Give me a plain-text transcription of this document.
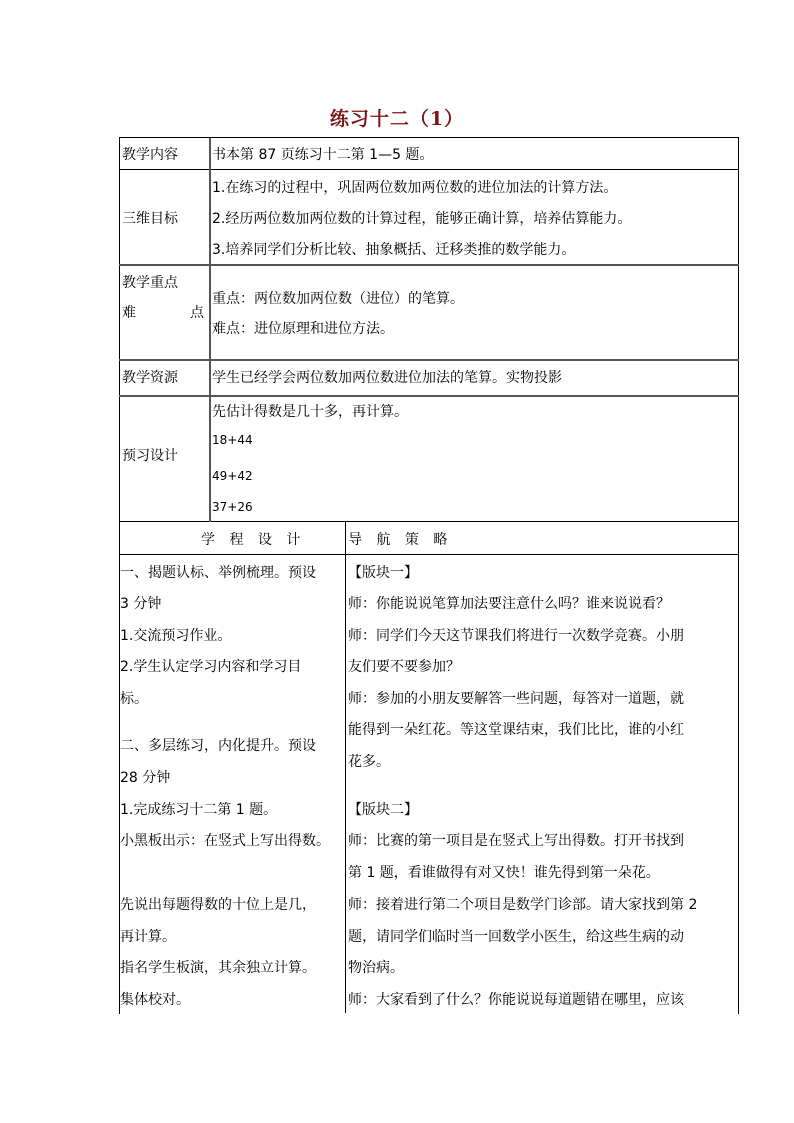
练习十二（1）
教学内容 书本第 87 页练习十二第 1—5 题。
三维目标
1.在练习的过程中，巩固两位数加两位数的进位加法的计算方法。
2.经历两位数加两位数的计算过程，能够正确计算，培养估算能力。
3.培养同学们分析比较、抽象概括、迁移类推的数学能力。
教学重点
难	点
重点：两位数加两位数（进位）的笔算。
难点：进位原理和进位方法。
教学资源 学生已经学会两位数加两位数进位加法的笔算。实物投影
预习设计
先估计得数是几十多，再计算。
18+44
49+42
37+26
学 程 设 计	导 航 策 略
一、揭题认标、举例梳理。预设
3 分钟
1.交流预习作业。
2.学生认定学习内容和学习目
标。
二、多层练习，内化提升。预设
28 分钟
1.完成练习十二第 1 题。
小黑板出示：在竖式上写出得数。
先说出每题得数的十位上是几，
再计算。
指名学生板演，其余独立计算。
集体校对。
【版块一】
师：你能说说笔算加法要注意什么吗？谁来说说看？
师：同学们今天这节课我们将进行一次数学竞赛。小朋
友们要不要参加？
师：参加的小朋友要解答一些问题，每答对一道题，就
能得到一朵红花。等这堂课结束，我们比比，谁的小红
花多。
【版块二】
师：比赛的第一项目是在竖式上写出得数。打开书找到
第 1 题，看谁做得有对又快！谁先得到第一朵花。
师：接着进行第二个项目是数学门诊部。请大家找到第 2
题，请同学们临时当一回数学小医生，给这些生病的动
物治病。
师：大家看到了什么？你能说说每道题错在哪里，应该
